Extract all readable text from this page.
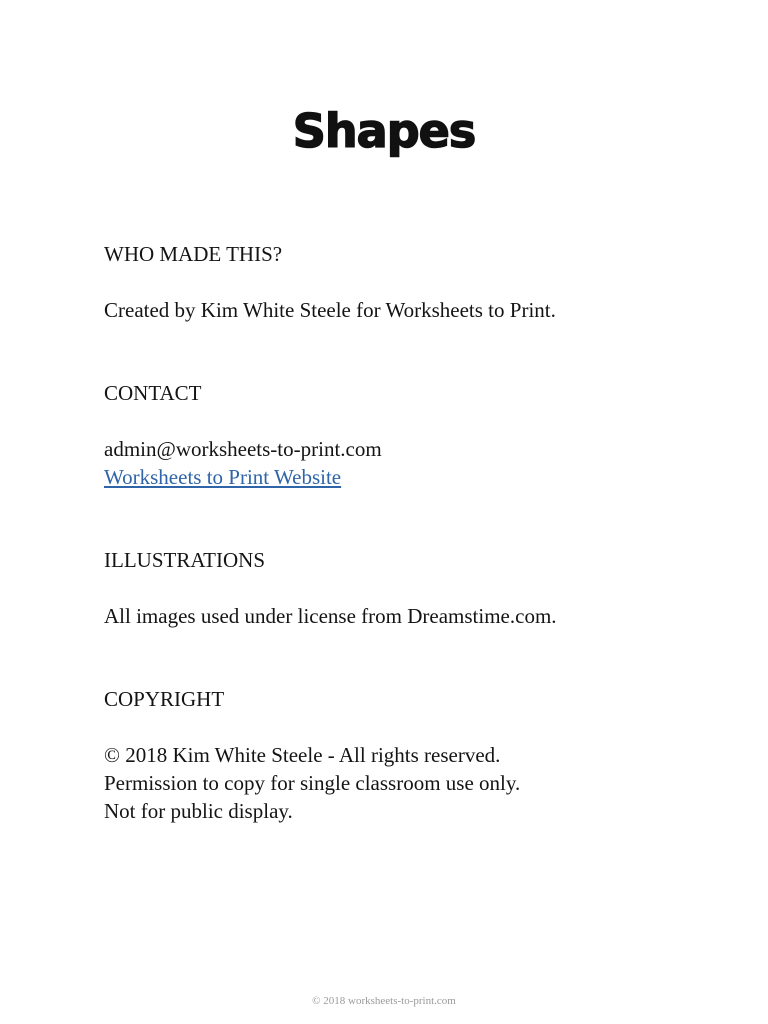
Shapes

WHO MADE THIS?

Created by Kim White Steele for Worksheets to Print.

CONTACT

admin@worksheets-to-print.com
Worksheets to Print Website

ILLUSTRATIONS

All images used under license from Dreamstime.com.

COPYRIGHT

© 2018 Kim White Steele - All rights reserved.

Permission to copy for single classroom use only.

Not for public display.

© 2018 worksheets-to-print.com
